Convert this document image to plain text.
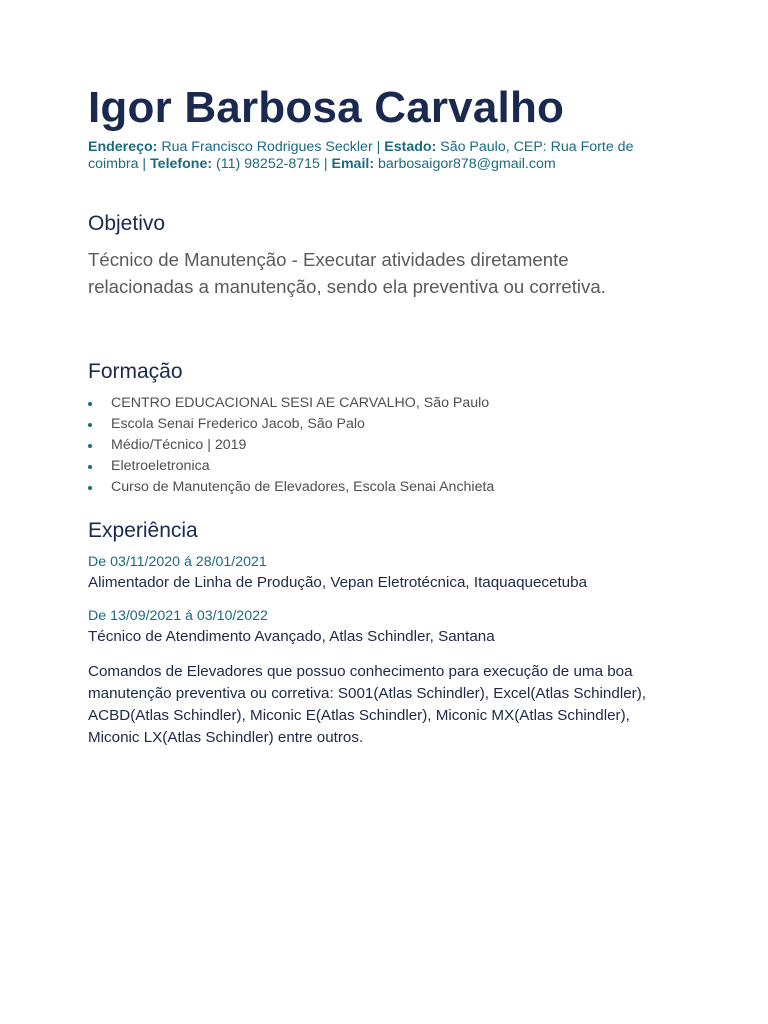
Igor Barbosa Carvalho
Endereço: Rua Francisco Rodrigues Seckler | Estado: São Paulo, CEP: Rua Forte de coimbra | Telefone: (11) 98252-8715 | Email: barbosaigor878@gmail.com
Objetivo
Técnico de Manutenção - Executar atividades diretamente relacionadas a manutenção, sendo ela preventiva ou corretiva.
Formação
CENTRO EDUCACIONAL SESI AE CARVALHO, São Paulo
Escola Senai Frederico Jacob, São Palo
Médio/Técnico | 2019
Eletroeletronica
Curso de Manutenção de Elevadores, Escola Senai Anchieta
Experiência
De 03/11/2020 á 28/01/2021
Alimentador de Linha de Produção, Vepan Eletrotécnica, Itaquaquecetuba
De 13/09/2021 á 03/10/2022
Técnico de Atendimento Avançado, Atlas Schindler, Santana
Comandos de Elevadores que possuo conhecimento para execução de uma boa manutenção preventiva ou corretiva: S001(Atlas Schindler), Excel(Atlas Schindler), ACBD(Atlas Schindler), Miconic E(Atlas Schindler), Miconic MX(Atlas Schindler), Miconic LX(Atlas Schindler) entre outros.
